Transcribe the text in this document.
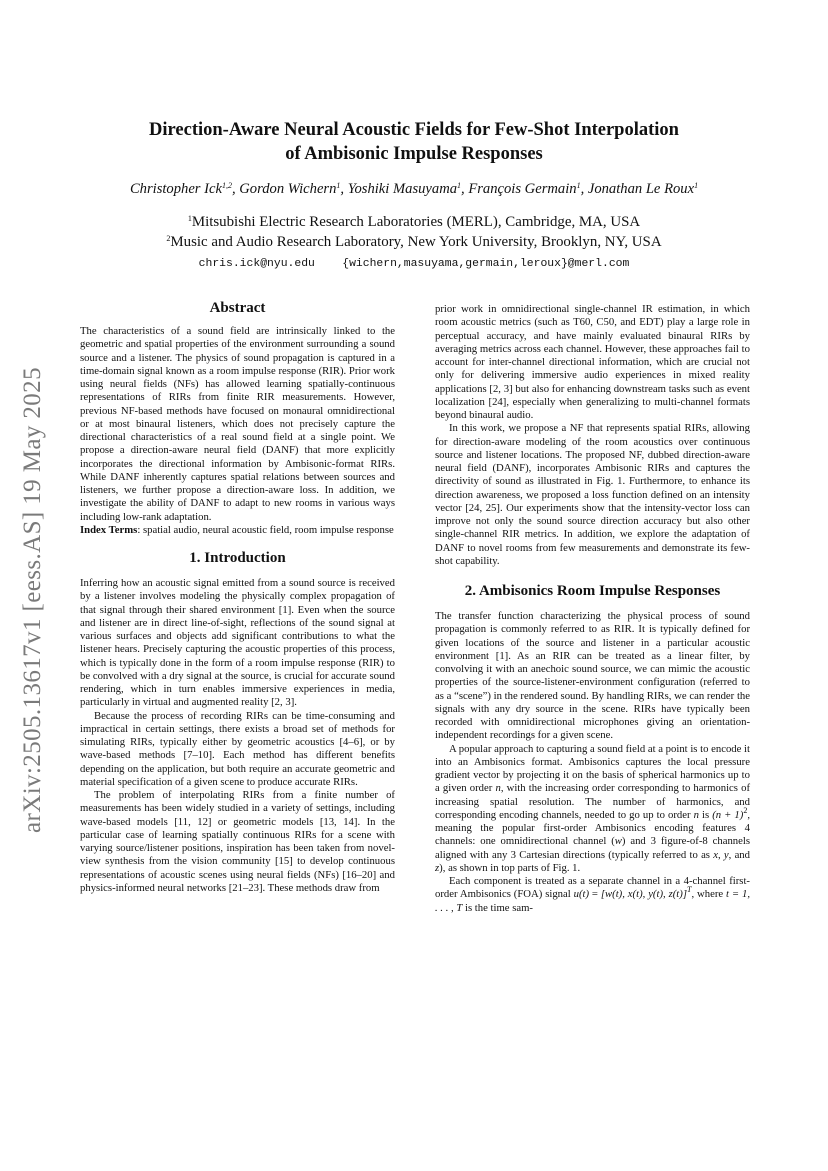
arXiv:2505.13617v1 [eess.AS] 19 May 2025
Direction-Aware Neural Acoustic Fields for Few-Shot Interpolation
of Ambisonic Impulse Responses
Christopher Ick$^{1,2}$, Gordon Wichern$^1$, Yoshiki Masuyama$^1$, François Germain$^1$, Jonathan Le Roux$^1$
$^1$Mitsubishi Electric Research Laboratories (MERL), Cambridge, MA, USA
$^2$Music and Audio Research Laboratory, New York University, Brooklyn, NY, USA
chris.ick@nyu.edu {wichern,masuyama,germain,leroux}@merl.com
Abstract

The characteristics of a sound field are intrinsically linked to the geometric and spatial properties of the environment surrounding a sound source and a listener. The physics of sound propagation is captured in a time-domain signal known as a room impulse response (RIR). Prior work using neural fields (NFs) has allowed learning spatially-continuous representations of RIRs from finite RIR measurements. However, previous NF-based methods have focused on monaural omnidirectional or at most binaural listeners, which does not precisely capture the directional characteristics of a real sound field at a single point. We propose a direction-aware neural field (DANF) that more explicitly incorporates the directional information by Ambisonic-format RIRs. While DANF inherently captures spatial relations between sources and listeners, we further propose a direction-aware loss. In addition, we investigate the ability of DANF to adapt to new rooms in various ways including low-rank adaptation.

Index Terms: spatial audio, neural acoustic field, room impulse response

1. Introduction

Inferring how an acoustic signal emitted from a sound source is received by a listener involves modeling the physically complex propagation of that signal through their shared environment [1]. Even when the source and listener are in direct line-of-sight, reflections of the sound signal at various surfaces and objects add significant contributions to what the listener hears. Precisely capturing the acoustic properties of this process, which is typically done in the form of a room impulse response (RIR) to be convolved with a dry signal at the source, is crucial for accurate sound rendering, which in turn enables immersive experiences in media, particularly in virtual and augmented reality [2, 3].

Because the process of recording RIRs can be time-consuming and impractical in certain settings, there exists a broad set of methods for simulating RIRs, typically either by geometric acoustics [4–6], or by wave-based methods [7–10]. Each method has different benefits depending on the application, but both require an accurate geometric and material specification of a given scene to produce accurate RIRs.

The problem of interpolating RIRs from a finite number of measurements has been widely studied in a variety of settings, including wave-based models [11, 12] or geometric models [13, 14]. In the particular case of learning spatially continuous RIRs for a scene with varying source/listener positions, inspiration has been taken from novel-view synthesis from the vision community [15] to develop continuous representations of acoustic scenes using neural fields (NFs) [16–20] and physics-informed neural networks [21–23]. These methods draw from

prior work in omnidirectional single-channel IR estimation, in which room acoustic metrics (such as T60, C50, and EDT) play a large role in perceptual accuracy, and have mainly evaluated binaural RIRs by averaging metrics across each channel. However, these approaches fail to account for inter-channel directional information, which are crucial not only for delivering immersive audio experiences in mixed reality applications [2, 3] but also for enhancing downstream tasks such as event localization [24], especially when generalizing to multi-channel formats beyond binaural audio.

In this work, we propose a NF that represents spatial RIRs, allowing for direction-aware modeling of the room acoustics over continuous source and listener locations. The proposed NF, dubbed direction-aware neural field (DANF), incorporates Ambisonic RIRs and captures the directivity of sound as illustrated in Fig. 1. Furthermore, to enhance its direction awareness, we proposed a loss function defined on an intensity vector [24, 25]. Our experiments show that the intensity-vector loss can improve not only the sound source direction accuracy but also other single-channel RIR metrics. In addition, we explore the adaptation of DANF to novel rooms from few measurements and demonstrate its few-shot capability.

2. Ambisonics Room Impulse Responses

The transfer function characterizing the physical process of sound propagation is commonly referred to as RIR. It is typically defined for given locations of the source and listener in a particular acoustic environment [1]. As an RIR can be treated as a linear filter, by convolving it with an anechoic sound source, we can mimic the acoustic properties of the source-listener-environment configuration (referred to as a “scene”) in the rendered sound. By handling RIRs, we can render the signals with any dry source in the scene. RIRs have typically been recorded with omnidirectional microphones giving an orientation-independent recordings for a given scene.

A popular approach to capturing a sound field at a point is to encode it into an Ambisonics format. Ambisonics captures the local pressure gradient vector by projecting it on the basis of spherical harmonics up to a given order n, with the increasing order corresponding to harmonics of increasing spatial resolution. The number of harmonics, and corresponding encoding channels, needed to go up to order n is $(n + 1)^2$, meaning the popular first-order Ambisonics encoding features 4 channels: one omnidirectional channel (w) and 3 figure-of-8 channels aligned with any 3 Cartesian directions (typically referred to as x, y, and z), as shown in top parts of Fig. 1.

Each component is treated as a separate channel in a 4-channel first-order Ambisonics (FOA) signal u(t) = [w(t), x(t), y(t), z(t)]$^T$, where t = 1, . . . , T is the time sam-
